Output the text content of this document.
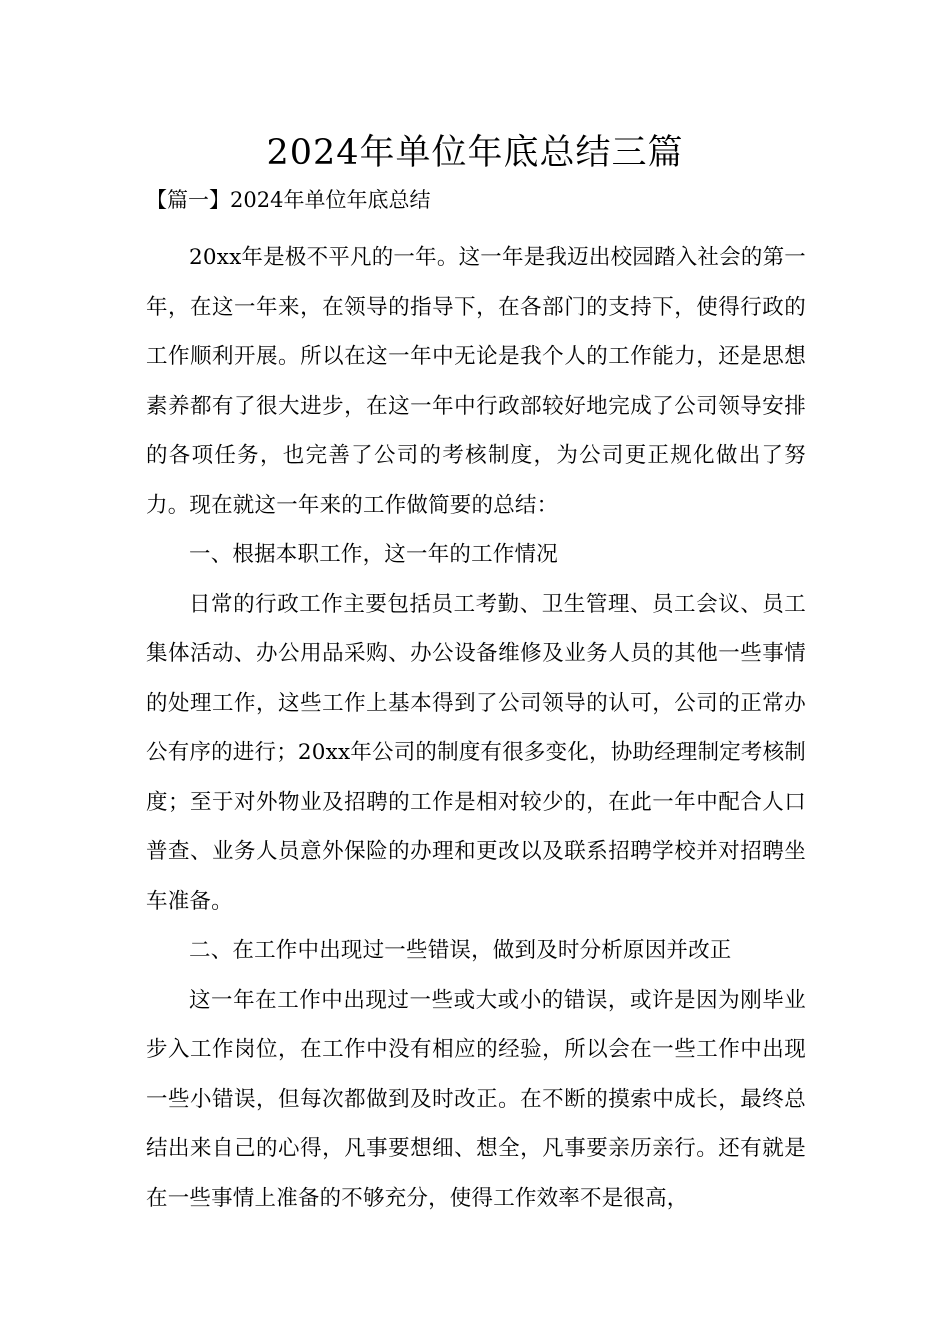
2024年单位年底总结三篇
【篇一】2024年单位年底总结

20xx年是极不平凡的一年。这一年是我迈出校园踏入社会的第一年，在这一年来，在领导的指导下，在各部门的支持下，使得行政的工作顺利开展。所以在这一年中无论是我个人的工作能力，还是思想素养都有了很大进步，在这一年中行政部较好地完成了公司领导安排的各项任务，也完善了公司的考核制度，为公司更正规化做出了努力。现在就这一年来的工作做简要的总结：

一、根据本职工作，这一年的工作情况

日常的行政工作主要包括员工考勤、卫生管理、员工会议、员工集体活动、办公用品采购、办公设备维修及业务人员的其他一些事情的处理工作，这些工作上基本得到了公司领导的认可，公司的正常办公有序的进行；20xx年公司的制度有很多变化，协助经理制定考核制度；至于对外物业及招聘的工作是相对较少的，在此一年中配合人口普查、业务人员意外保险的办理和更改以及联系招聘学校并对招聘坐车准备。

二、在工作中出现过一些错误，做到及时分析原因并改正

这一年在工作中出现过一些或大或小的错误，或许是因为刚毕业步入工作岗位，在工作中没有相应的经验，所以会在一些工作中出现一些小错误，但每次都做到及时改正。在不断的摸索中成长，最终总结出来自己的心得，凡事要想细、想全，凡事要亲历亲行。还有就是在一些事情上准备的不够充分，使得工作效率不是很高，
